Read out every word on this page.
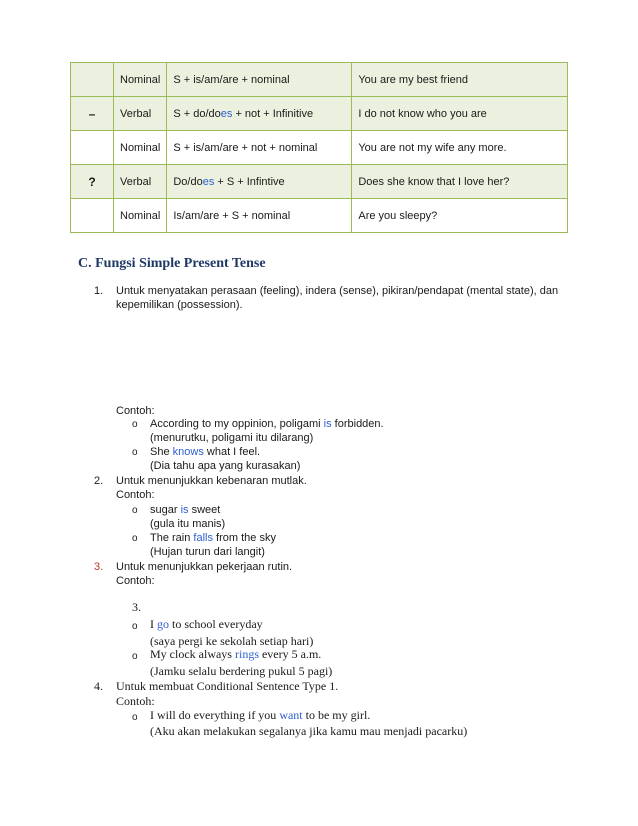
	Nominal	S + is/am/are + nominal	You are my best friend
–	Verbal	S + do/does + not + Infinitive	I do not know who you are
	Nominal	S + is/am/are + not + nominal	You are not my wife any more.
?	Verbal	Do/does + S + Infintive	Does she know that I love her?
	Nominal	Is/am/are + S + nominal	Are you sleepy?
C. Fungsi Simple Present Tense
1. Untuk menyatakan perasaan (feeling), indera (sense), pikiran/pendapat (mental state), dan
kepemilikan (possession).
Contoh:
o According to my oppinion, poligami is forbidden.
(menurutku, poligami itu dilarang)
o She knows what I feel.
(Dia tahu apa yang kurasakan)
2. Untuk menunjukkan kebenaran mutlak.
Contoh:
o sugar is sweet
(gula itu manis)
o The rain falls from the sky
(Hujan turun dari langit)
3. Untuk menunjukkan pekerjaan rutin.
Contoh:
3.
o I go to school everyday
(saya pergi ke sekolah setiap hari)
o My clock always rings every 5 a.m.
(Jamku selalu berdering pukul 5 pagi)
4. Untuk membuat Conditional Sentence Type 1.
Contoh:
o I will do everything if you want to be my girl.
(Aku akan melakukan segalanya jika kamu mau menjadi pacarku)
